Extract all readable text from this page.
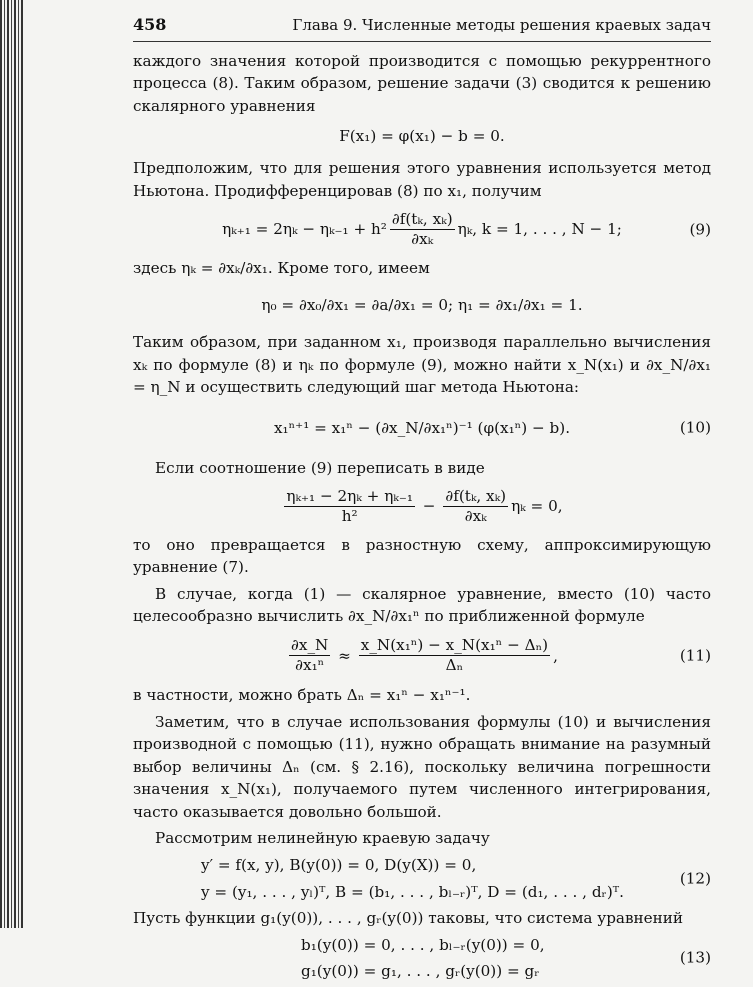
458	Глава 9. Численные методы решения краевых задач

каждого значения которой производится с помощью рекуррентного процесса (8). Таким образом, решение задачи (3) сводится к решению скалярного уравнения

F(x₁) = φ(x₁) − b = 0.

Предположим, что для решения этого уравнения используется метод Ньютона. Продифференцировав (8) по x₁, получим

$\eta_{k+1} = 2\eta_k - \eta_{k-1} + h^2 \frac{\text{∂f(tₖ, xₖ)}}{\text{∂xₖ}} \eta_k$, k = 1, . . . , N − 1;	(9)

здесь ηₖ = ∂xₖ/∂x₁. Кроме того, имеем

η₀ = ∂x₀/∂x₁ = ∂a/∂x₁ = 0; η₁ = ∂x₁/∂x₁ = 1.

Таким образом, при заданном x₁, производя параллельно вычисления xₖ по формуле (8) и ηₖ по формуле (9), можно найти x_N(x₁) и ∂x_N/∂x₁ = η_N и осуществить следующий шаг метода Ньютона:

x₁ⁿ⁺¹ = x₁ⁿ − (∂x_N/∂x₁ⁿ)⁻¹ (φ(x₁ⁿ) − b).	(10)

Если соотношение (9) переписать в виде

$\frac{\text{ηₖ₊₁ − 2ηₖ + ηₖ₋₁}}{\text{h²}} - \frac{\text{∂f(tₖ, xₖ)}}{\text{∂xₖ}}$ ηₖ = 0,

то оно превращается в разностную схему, аппроксимирующую уравнение (7).

В случае, когда (1) — скалярное уравнение, вместо (10) часто целесообразно вычислить ∂x_N/∂x₁ⁿ по приближенной формуле

$\frac{\partial x\_N}{\text{∂x₁ⁿ}} \approx \frac{\text{x\_N(x₁ⁿ) − x\_N(x₁ⁿ − Δₙ)}}{\text{Δₙ}}$ ,	(11)

в частности, можно брать Δₙ = x₁ⁿ − x₁ⁿ⁻¹.

Заметим, что в случае использования формулы (10) и вычисления производной с помощью (11), нужно обращать внимание на разумный выбор величины Δₙ (см. § 2.16), поскольку величина погрешности значения x_N(x₁), получаемого путем численного интегрирования, часто оказывается довольно большой.

Рассмотрим нелинейную краевую задачу

y′ = f(x, y), B(y(0)) = 0, D(y(X)) = 0,
y = (y₁, . . . , yₗ)ᵀ, B = (b₁, . . . , bₗ₋ᵣ)ᵀ, D = (d₁, . . . , dᵣ)ᵀ.
(12)

Пусть функции g₁(y(0)), . . . , gᵣ(y(0)) таковы, что система уравнений

b₁(y(0)) = 0, . . . , bₗ₋ᵣ(y(0)) = 0,
g₁(y(0)) = g₁, . . . , gᵣ(y(0)) = gᵣ
(13)
